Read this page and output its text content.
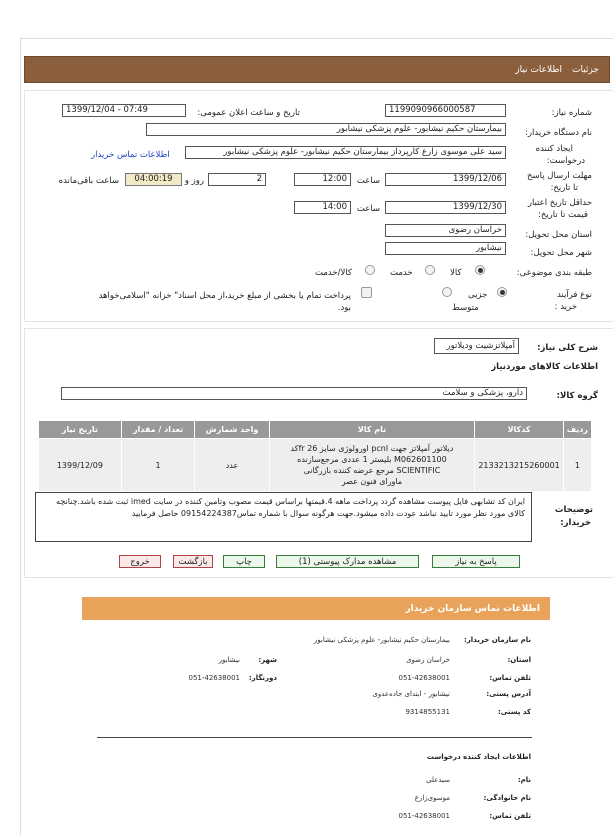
جزئیات
اطلاعات نیاز
شماره نیاز:
1199090966000587
تاریخ و ساعت اعلان عمومی:
1399/12/04 - 07:49
نام دستگاه خریدار:
بیمارستان حکیم نیشابور- علوم پزشکی نیشابور
ایجاد کننده
درخواست:
سید علی موسوی زارع کارپرداز بیمارستان حکیم نیشابور- علوم پزشکی نیشابور
اطلاعات تماس خریدار
مهلت ارسال پاسخ
تا تاریخ:
1399/12/06
ساعت
12:00
2
روز و
04:00:19
ساعت باقی‌مانده
حداقل تاریخ اعتبار
قیمت تا تاریخ:
1399/12/30
ساعت
14:00
استان محل تحویل:
خراسان رضوی
شهر محل تحویل:
نیشابور
طبقه بندی موضوعی:
کالا
خدمت
کالا/خدمت
نوع فرآیند
خرید :
جزیی
متوسط
پرداخت تمام یا بخشی از مبلغ خرید،از محل اسناد" خزانه "اسلامی‌خواهد
بود.
شرح کلی نیاز:
آمپلاتزشیت ودیلاتور
اطلاعات کالاهای موردنیاز
گروه کالا:
دارو، پزشکی و سلامت
ردیف	کدکالا	نام کالا	واحد شمارش	تعداد / مقدار	تاریخ نیاز
1	2133213215260001	دیلاتور آمپلاتز جهت pcnl اورولوژی سایز fr 26کد
M062601100 بلیستر 1 عددی مرجع‌سازنده
SCIENTIFIC مرجع عرضه کننده بازرگانی
ماورای فنون عصر	عدد	1	1399/12/09
توضیحات
خریدار:
ایران کد تشابهی فایل پیوست مشاهده گردد پرداخت ماهه 4.قیمتها براساس قیمت مصوب وتامین کننده در سایت imed ثبت شده باشد.چنانچه کالای مورد نظر مورد تایید نباشد عودت داده میشود.جهت هرگونه سوال با شماره تماس09154224387 حاصل فرمایید
پاسخ به نیاز
مشاهده مدارک پیوستی (1)
چاپ
بازگشت
خروج
اطلاعات تماس سازمان خریدار
نام سازمان خریدار:
بیمارستان حکیم نیشابور- علوم پزشکی نیشابور
استان:
خراسان رضوی
شهر:
نیشابور
تلفن تماس:
051-42638001
دورنگار:
051-42638001
آدرس پستی:
نیشابور - ابتدای جاده‌عدوی
کد پستی:
9314855131
اطلاعات ایجاد کننده درخواست
نام:
سیدعلی
نام خانوادگی:
موسوی‌زارع
تلفن تماس:
051-42638001
